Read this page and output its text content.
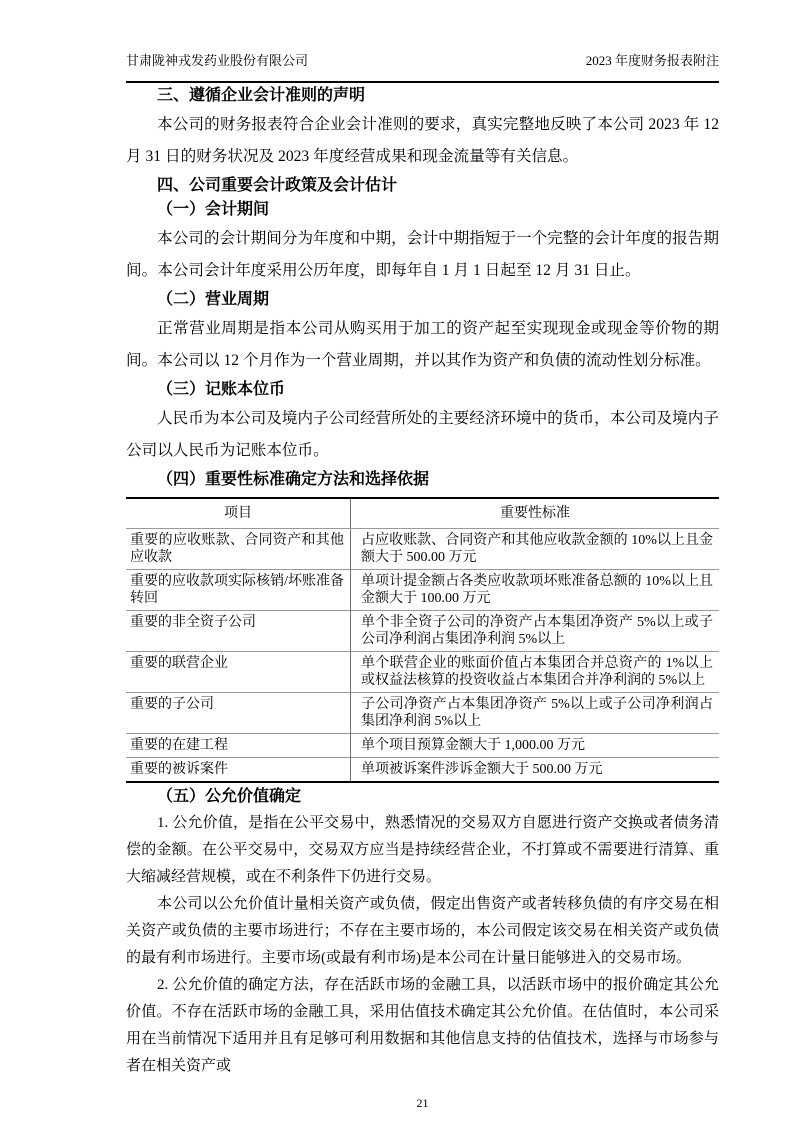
甘肃陇神戎发药业股份有限公司	2023 年度财务报表附注
三、遵循企业会计准则的声明

本公司的财务报表符合企业会计准则的要求，真实完整地反映了本公司 2023 年 12 月 31 日的财务状况及 2023 年度经营成果和现金流量等有关信息。

四、公司重要会计政策及会计估计
（一）会计期间

本公司的会计期间分为年度和中期，会计中期指短于一个完整的会计年度的报告期间。本公司会计年度采用公历年度，即每年自 1 月 1 日起至 12 月 31 日止。

（二）营业周期

正常营业周期是指本公司从购买用于加工的资产起至实现现金或现金等价物的期间。本公司以 12 个月作为一个营业周期，并以其作为资产和负债的流动性划分标准。

（三）记账本位币

人民币为本公司及境内子公司经营所处的主要经济环境中的货币，本公司及境内子公司以人民币为记账本位币。

（四）重要性标准确定方法和选择依据
项目	重要性标准
重要的应收账款、合同资产和其他应收款	占应收账款、合同资产和其他应收款金额的 10%以上且金额大于 500.00 万元
重要的应收款项实际核销/坏账准备转回	单项计提金额占各类应收款项坏账准备总额的 10%以上且金额大于 100.00 万元
重要的非全资子公司	单个非全资子公司的净资产占本集团净资产 5%以上或子公司净利润占集团净利润 5%以上
重要的联营企业	单个联营企业的账面价值占本集团合并总资产的 1%以上或权益法核算的投资收益占本集团合并净利润的 5%以上
重要的子公司	子公司净资产占本集团净资产 5%以上或子公司净利润占集团净利润 5%以上
重要的在建工程	单个项目预算金额大于 1,000.00 万元
重要的被诉案件	单项被诉案件涉诉金额大于 500.00 万元
（五）公允价值确定

1. 公允价值，是指在公平交易中，熟悉情况的交易双方自愿进行资产交换或者债务清偿的金额。在公平交易中，交易双方应当是持续经营企业，不打算或不需要进行清算、重大缩减经营规模，或在不利条件下仍进行交易。

本公司以公允价值计量相关资产或负债，假定出售资产或者转移负债的有序交易在相关资产或负债的主要市场进行；不存在主要市场的，本公司假定该交易在相关资产或负债的最有利市场进行。主要市场(或最有利市场)是本公司在计量日能够进入的交易市场。

2. 公允价值的确定方法，存在活跃市场的金融工具，以活跃市场中的报价确定其公允价值。不存在活跃市场的金融工具，采用估值技术确定其公允价值。在估值时，本公司采用在当前情况下适用并且有足够可利用数据和其他信息支持的估值技术，选择与市场参与者在相关资产或

21
